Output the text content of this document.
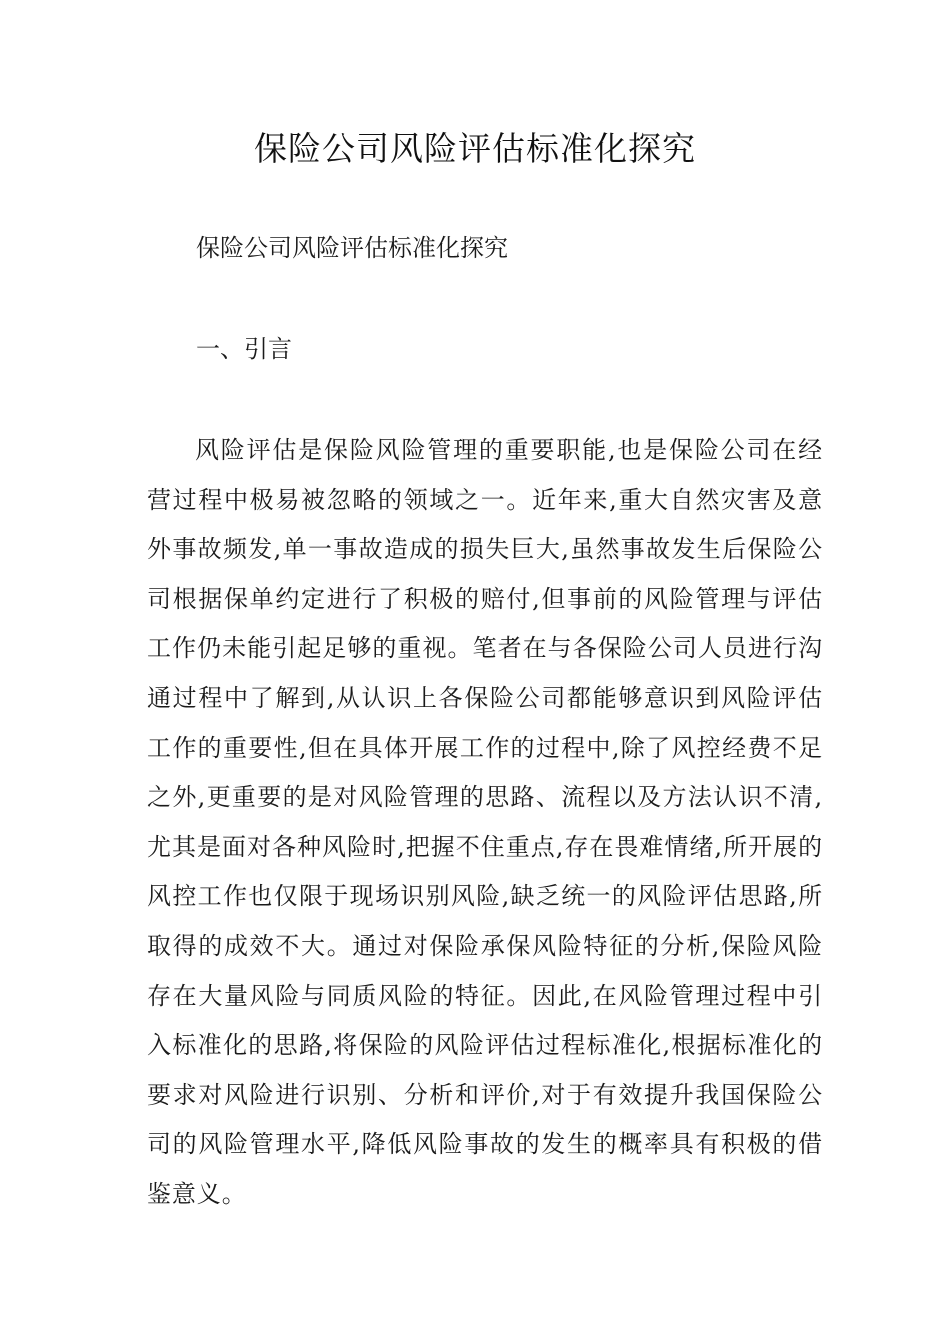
保险公司风险评估标准化探究

保险公司风险评估标准化探究

一、引言

风险评估是保险风险管理的重要职能,也是保险公司在经营过程中极易被忽略的领域之一。近年来,重大自然灾害及意外事故频发,单一事故造成的损失巨大,虽然事故发生后保险公司根据保单约定进行了积极的赔付,但事前的风险管理与评估工作仍未能引起足够的重视。笔者在与各保险公司人员进行沟通过程中了解到,从认识上各保险公司都能够意识到风险评估工作的重要性,但在具体开展工作的过程中,除了风控经费不足之外,更重要的是对风险管理的思路、流程以及方法认识不清,尤其是面对各种风险时,把握不住重点,存在畏难情绪,所开展的风控工作也仅限于现场识别风险,缺乏统一的风险评估思路,所取得的成效不大。通过对保险承保风险特征的分析,保险风险存在大量风险与同质风险的特征。因此,在风险管理过程中引入标准化的思路,将保险的风险评估过程标准化,根据标准化的要求对风险进行识别、分析和评价,对于有效提升我国保险公司的风险管理水平,降低风险事故的发生的概率具有积极的借鉴意义。
